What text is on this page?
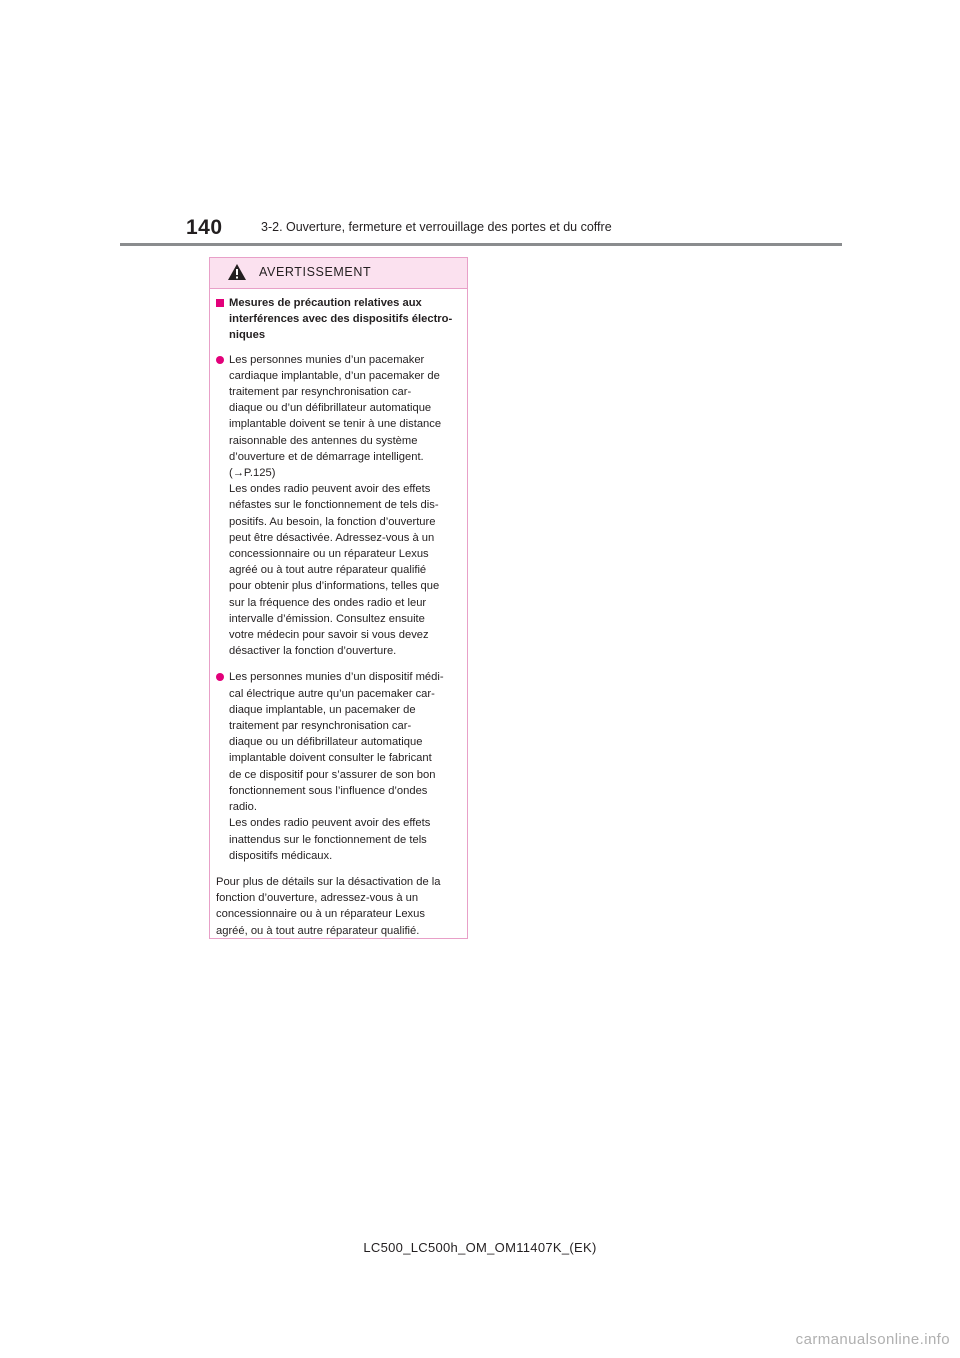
140	3-2. Ouverture, fermeture et verrouillage des portes et du coffre
AVERTISSEMENT
Mesures de précaution relatives aux
interférences avec des dispositifs électro-
niques
Les personnes munies d’un pacemaker
cardiaque implantable, d’un pacemaker de
traitement par resynchronisation car-
diaque ou d’un défibrillateur automatique
implantable doivent se tenir à une distance
raisonnable des antennes du système
d’ouverture et de démarrage intelligent.
(→P.125)
Les ondes radio peuvent avoir des effets
néfastes sur le fonctionnement de tels dis-
positifs. Au besoin, la fonction d’ouverture
peut être désactivée. Adressez-vous à un
concessionnaire ou un réparateur Lexus
agréé ou à tout autre réparateur qualifié
pour obtenir plus d’informations, telles que
sur la fréquence des ondes radio et leur
intervalle d’émission. Consultez ensuite
votre médecin pour savoir si vous devez
désactiver la fonction d’ouverture.
Les personnes munies d’un dispositif médi-
cal électrique autre qu’un pacemaker car-
diaque implantable, un pacemaker de
traitement par resynchronisation car-
diaque ou un défibrillateur automatique
implantable doivent consulter le fabricant
de ce dispositif pour s’assurer de son bon
fonctionnement sous l’influence d’ondes
radio.
Les ondes radio peuvent avoir des effets
inattendus sur le fonctionnement de tels
dispositifs médicaux.
Pour plus de détails sur la désactivation de la
fonction d’ouverture, adressez-vous à un
concessionnaire ou à un réparateur Lexus
agréé, ou à tout autre réparateur qualifié.
LC500_LC500h_OM_OM11407K_(EK)
carmanualsonline.info
